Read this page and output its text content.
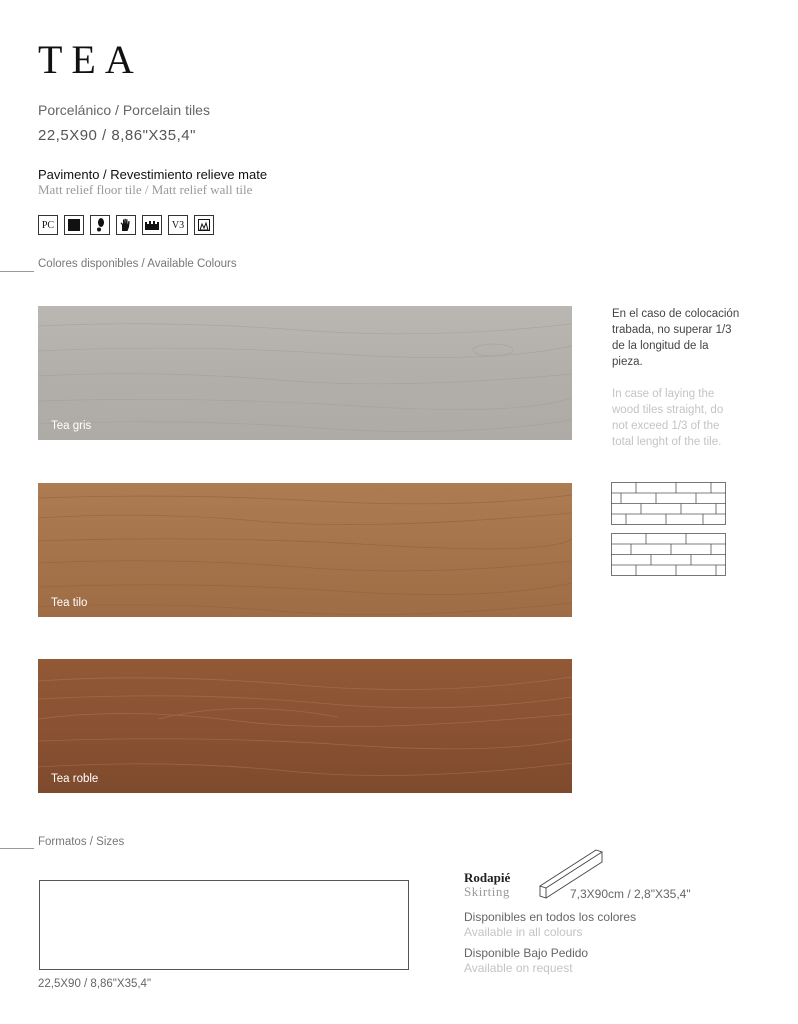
TEA
Porcelánico / Porcelain tiles
22,5X90 / 8,86"X35,4"
Pavimento / Revestimiento relieve mate
Matt relief floor tile / Matt relief wall tile
PC	V3
Colores disponibles / Available Colours
Tea gris
Tea tilo
Tea roble
En el caso de colocación trabada, no superar 1/3 de la longitud de la pieza.
In case of laying the wood tiles straight, do not exceed 1/3 of the total lenght of the tile.
Formatos / Sizes
22,5X90 / 8,86"X35,4"
Rodapié
Skirting	7,3X90cm / 2,8"X35,4"
Disponibles en todos los colores
Available in all colours
Disponible Bajo Pedido
Available on request
